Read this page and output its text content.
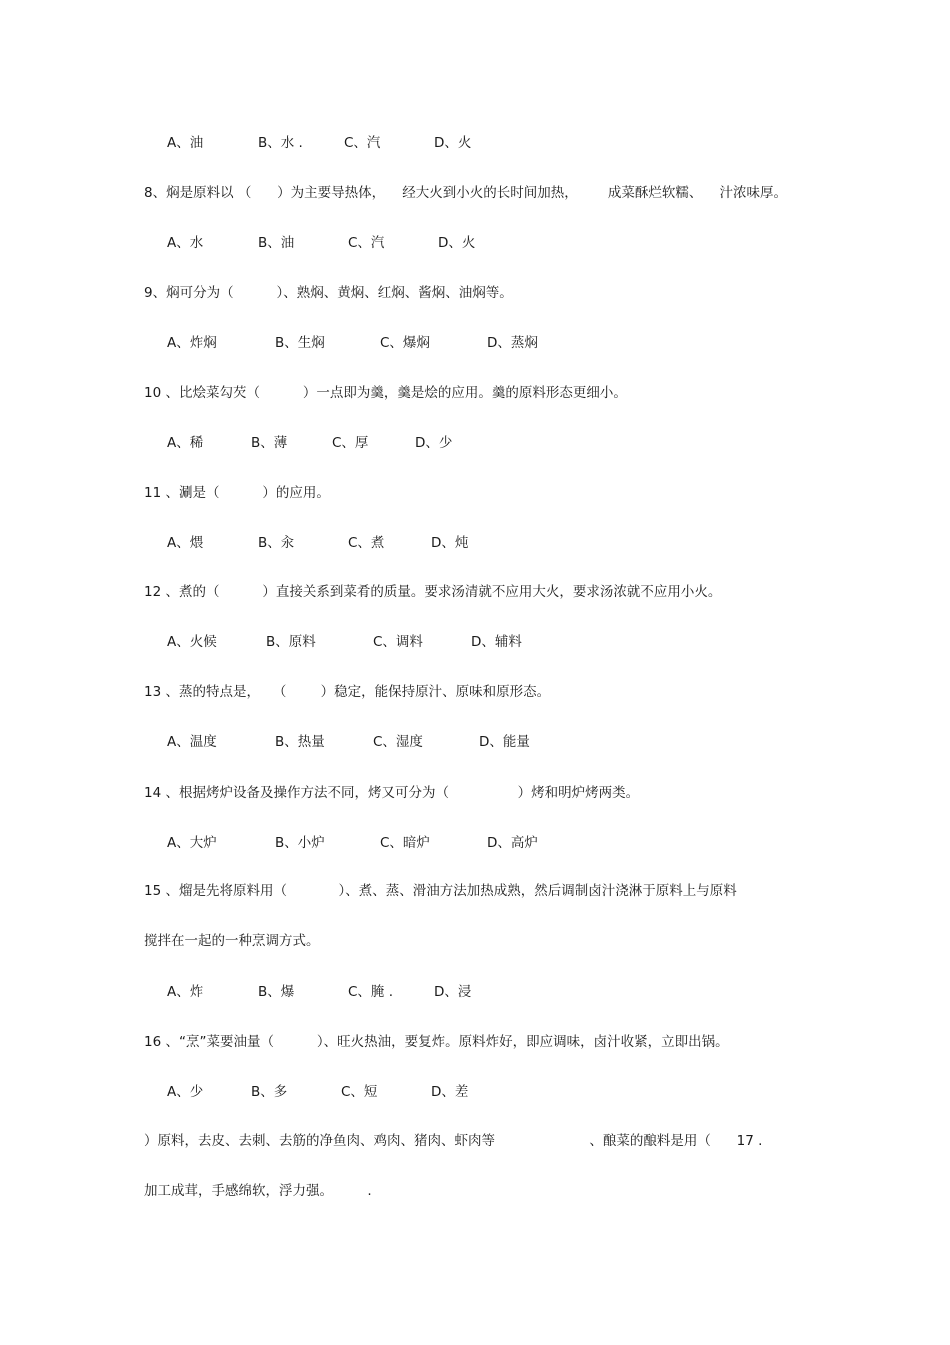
A、油	B、水 .	C、汽	D、火
8、焖是原料以 （      ）为主要导热体，    经大火到小火的长时间加热，       成菜酥烂软糯、    汁浓味厚。
A、水	B、油	C、汽	D、火
9、焖可分为（          ）、熟焖、黄焖、红焖、酱焖、油焖等。
A、炸焖	B、生焖	C、爆焖	D、蒸焖
10 、比烩菜勾芡（          ）一点即为羹，羹是烩的应用。羹的原料形态更细小。
A、稀	B、薄	C、厚	D、少
11 、涮是（          ）的应用。
A、煨	B、汆	C、煮	D、炖
12 、煮的（          ）直接关系到菜肴的质量。要求汤清就不应用大火，要求汤浓就不应用小火。
A、火候	B、原料	C、调料	D、辅料
13 、蒸的特点是，   （        ）稳定，能保持原汁、原味和原形态。
A、温度	B、热量	C、湿度	D、能量
14 、根据烤炉设备及操作方法不同，烤又可分为（                ）烤和明炉烤两类。
A、大炉	B、小炉	C、暗炉	D、高炉
15 、熘是先将原料用（            ）、煮、蒸、滑油方法加热成熟，然后调制卤汁浇淋于原料上与原料
搅拌在一起的一种烹调方式。
A、炸	B、爆	C、腌 .	D、浸
16 、“烹”菜要油量（          ）、旺火热油，要复炸。原料炸好，即应调味，卤汁收紧，立即出锅。
A、少	B、多	C、短	D、差
）原料，去皮、去刺、去筋的净鱼肉、鸡肉、猪肉、虾肉等                      、酿菜的酿料是用（      17 .
加工成茸，手感绵软，浮力强。        .
